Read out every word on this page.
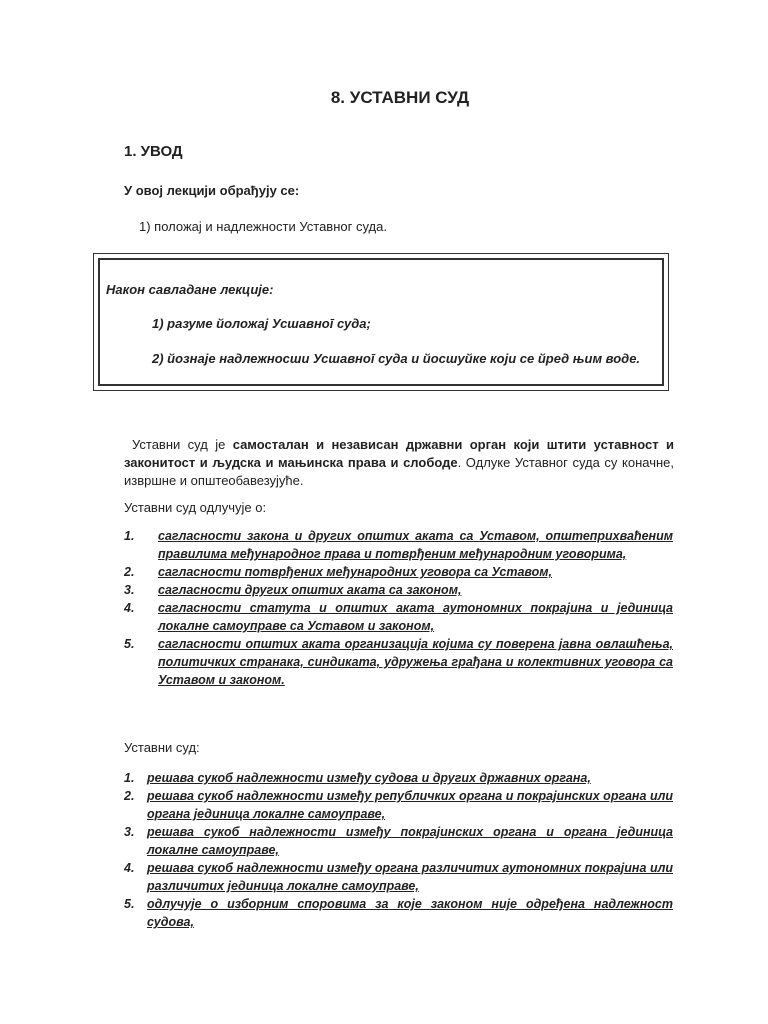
8. УСТАВНИ СУД
1. УВОД
У овој лекцији обрађују се:
1) положај и надлежности Уставног суда.
Након савладане лекције:
1) разуме йоложај Усшавноī суда;
2) йознаје надлежносши Усшавноī суда и йосшуйке који се йред њим воде.
Уставни суд је самосталан и независан државни орган који штити уставност и законитост и људска и мањинска права и слободе. Одлуке Уставног суда су коначне, извршне и општеобавезујуће.
Уставни суд одлучује о:
1. сагласности закона и других општих аката са Уставом, општеприхваћеним правилима међународног права и потврђеним међународним уговорима,
2. сагласности потврђених међународних уговора са Уставом,
3. сагласности других општих аката са законом,
4. сагласности статута и општих аката аутономних покрајина и јединица локалне самоуправе са Уставом и законом,
5. сагласности општих аката организација којима су поверена јавна овлашћења, политичких странака, синдиката, удружења грађана и колективних уговора са Уставом и законом.
Уставни суд:
1. решава сукоб надлежности између судова и других државних органа,
2. решава сукоб надлежности између републичких органа и покрајинских органа или органа јединица локалне самоуправе,
3. решава сукоб надлежности између покрајинских органа и органа јединица локалне самоуправе,
4. решава сукоб надлежности између органа различитих аутономних покрајина или различитих јединица локалне самоуправе,
5. одлучује о изборним споровима за које законом није одређена надлежност судова,
